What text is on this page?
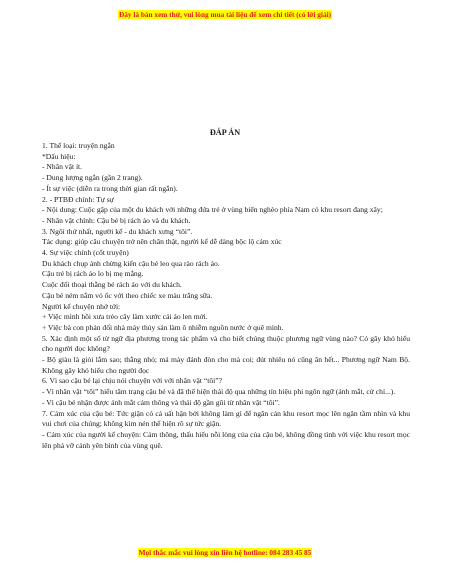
Đây là bản xem thử, vui lòng mua tài liệu để xem chi tiết (có lời giải)
ĐÁP ÁN

1. Thể loại: truyện ngắn

*Dấu hiệu:

- Nhân vật ít.

- Dung lượng ngắn (gần 2 trang).

- Ít sự việc (diễn ra trong thời gian rất ngắn).

2. - PTBĐ chính: Tự sự

- Nội dung: Cuộc gặp của một du khách với những đứa trẻ ở vùng biển nghèo phía Nam có khu resort đang xây;

- Nhân vật chính: Cậu bé bị rách áo và du khách.

3. Ngôi thứ nhất, người kể - du khách xưng “tôi”.

Tác dụng: giúp câu chuyện trở nên chân thật, người kể dễ dàng bộc lộ cảm xúc

4. Sự việc chính (cốt truyện)

Du khách chụp ảnh chừng kiến cậu bé leo qua rào rách áo.

Cậu trẻ bị rách áo lo bị mẹ mắng.

Cuộc đối thoại thằng bé rách áo với du khách.

Cậu bé ném nắm vỏ ốc với theo chiếc xe màu trắng sữa.

Người kể chuyện nhớ tới:

+ Việc mình hồi xưa trèo cây làm xước cái áo len mới.

+ Việc bà con phản đối nhà máy thủy sản làm ô nhiễm nguồn nước ở quê mình.

5. Xác định một số từ ngữ địa phương trong tác phẩm và cho biết chúng thuộc phương ngữ vùng nào? Có gây khó hiểu cho người đọc không?

- Bộ giàu là giỏi lắm sao; thằng nhỏ; má mày đánh đòn cho mà coi; đút nhiêu nó cũng ăn hết... Phương ngữ Nam Bộ. Không gây khó hiểu cho người đọc

6. Vì sao cậu bé lại chịu nói chuyện với với nhân vật “tôi”?

- Vì nhân vật “tôi” hiểu tâm trạng cậu bé và đã thể hiện thái độ qua những tín hiệu phi ngôn ngữ (ánh mắt, cử chỉ...).

- Vì cậu bé nhận được ánh mắt cảm thông và thái độ gần gũi từ nhân vật “tôi”.

7. Cảm xúc của cậu bé: Tức giận có cả uất hận bởi không làm gì để ngăn cản khu resort mọc lên ngăn tầm nhìn và khu vui chơi của chúng; không kìm nén thể hiện rõ sự tức giận.

- Cảm xúc của người kể chuyện: Cảm thông, thấu hiểu nỗi lòng của của cậu bé, không đồng tình với việc khu resort mọc lên phá vỡ cảnh yên bình của vùng quê.

Mọi thắc mắc vui lòng xin liên hệ hotline: 084 283 45 85
